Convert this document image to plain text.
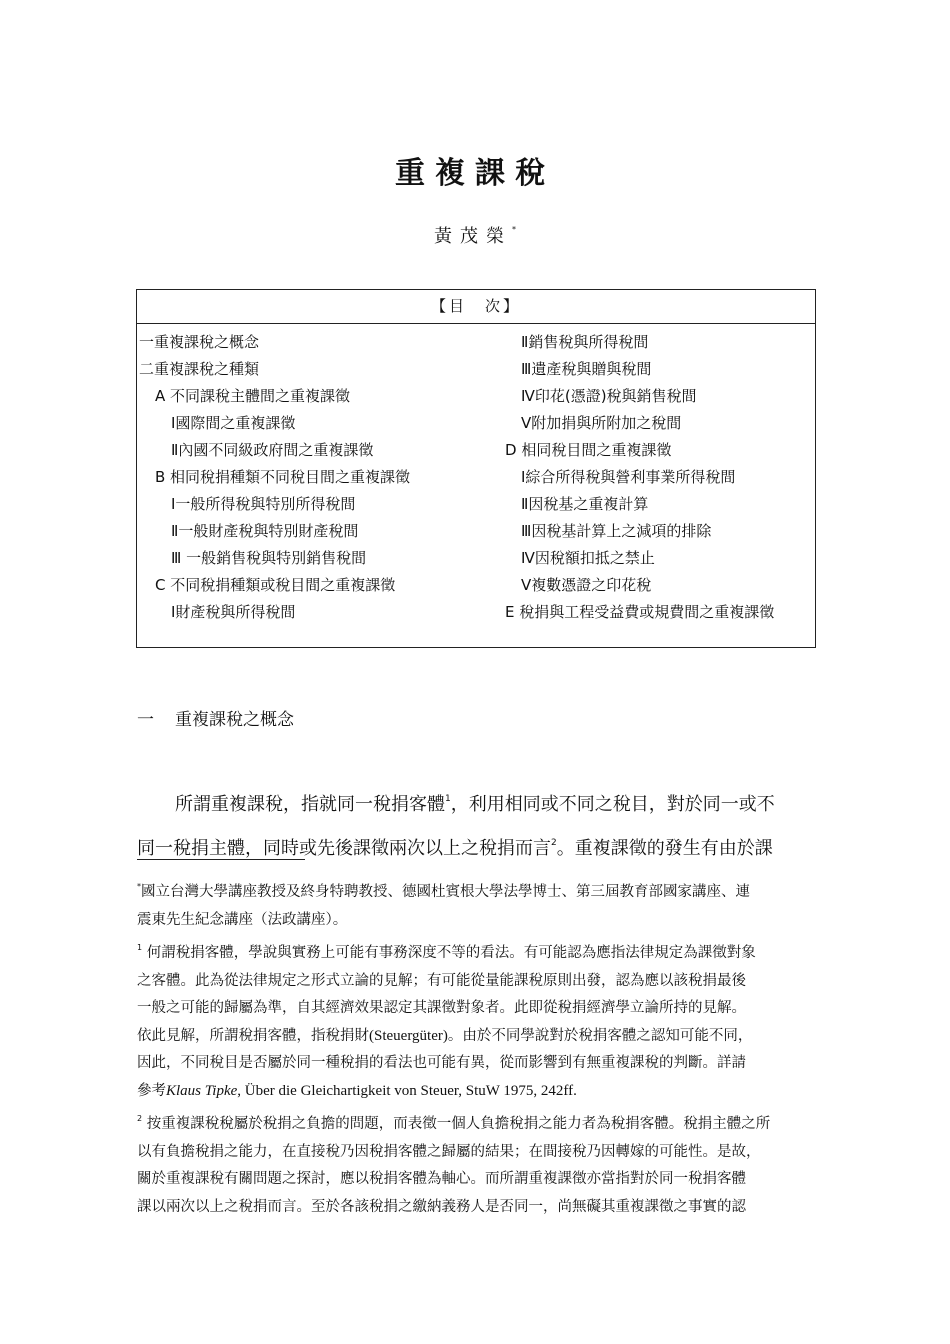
重複課稅
黃茂榮*
【目　次】
一重複課稅之概念
二重複課稅之種類
A 不同課稅主體間之重複課徵
Ⅰ國際間之重複課徵
Ⅱ內國不同級政府間之重複課徵
B 相同稅捐種類不同稅目間之重複課徵
Ⅰ一般所得稅與特別所得稅間
Ⅱ一般財產稅與特別財產稅間
Ⅲ 一般銷售稅與特別銷售稅間
C 不同稅捐種類或稅目間之重複課徵
Ⅰ財產稅與所得稅間
Ⅱ銷售稅與所得稅間
Ⅲ遺產稅與贈與稅間
Ⅳ印花(憑證)稅與銷售稅間
Ⅴ附加捐與所附加之稅間
D 相同稅目間之重複課徵
Ⅰ綜合所得稅與營利事業所得稅間
Ⅱ因稅基之重複計算
Ⅲ因稅基計算上之減項的排除
Ⅳ因稅額扣抵之禁止
Ⅴ複數憑證之印花稅
E 稅捐與工程受益費或規費間之重複課徵
一 重複課稅之概念
所謂重複課稅，指就同一稅捐客體$^1$，利用相同或不同之稅目，對於同一或不
同一稅捐主體，同時或先後課徵兩次以上之稅捐而言$^2$。重複課徵的發生有由於課
*國立台灣大學講座教授及終身特聘教授、德國杜賓根大學法學博士、第三屆教育部國家講座、連
震東先生紀念講座（法政講座）。
$^1$ 何謂稅捐客體，學說與實務上可能有事務深度不等的看法。有可能認為應指法律規定為課徵對象
之客體。此為從法律規定之形式立論的見解；有可能從量能課稅原則出發，認為應以該稅捐最後
一般之可能的歸屬為準，自其經濟效果認定其課徵對象者。此即從稅捐經濟學立論所持的見解。
依此見解，所謂稅捐客體，指稅捐財(Steuergüter)。由於不同學說對於稅捐客體之認知可能不同，
因此，不同稅目是否屬於同一種稅捐的看法也可能有異，從而影響到有無重複課稅的判斷。詳請
參考Klaus Tipke, Über die Gleichartigkeit von Steuer, StuW 1975, 242ff.
$^2$ 按重複課稅稅屬於稅捐之負擔的問題，而表徵一個人負擔稅捐之能力者為稅捐客體。稅捐主體之所
以有負擔稅捐之能力，在直接稅乃因稅捐客體之歸屬的結果；在間接稅乃因轉嫁的可能性。是故，
關於重複課稅有關問題之探討，應以稅捐客體為軸心。而所謂重複課徵亦當指對於同一稅捐客體
課以兩次以上之稅捐而言。至於各該稅捐之繳納義務人是否同一，尚無礙其重複課徵之事實的認
